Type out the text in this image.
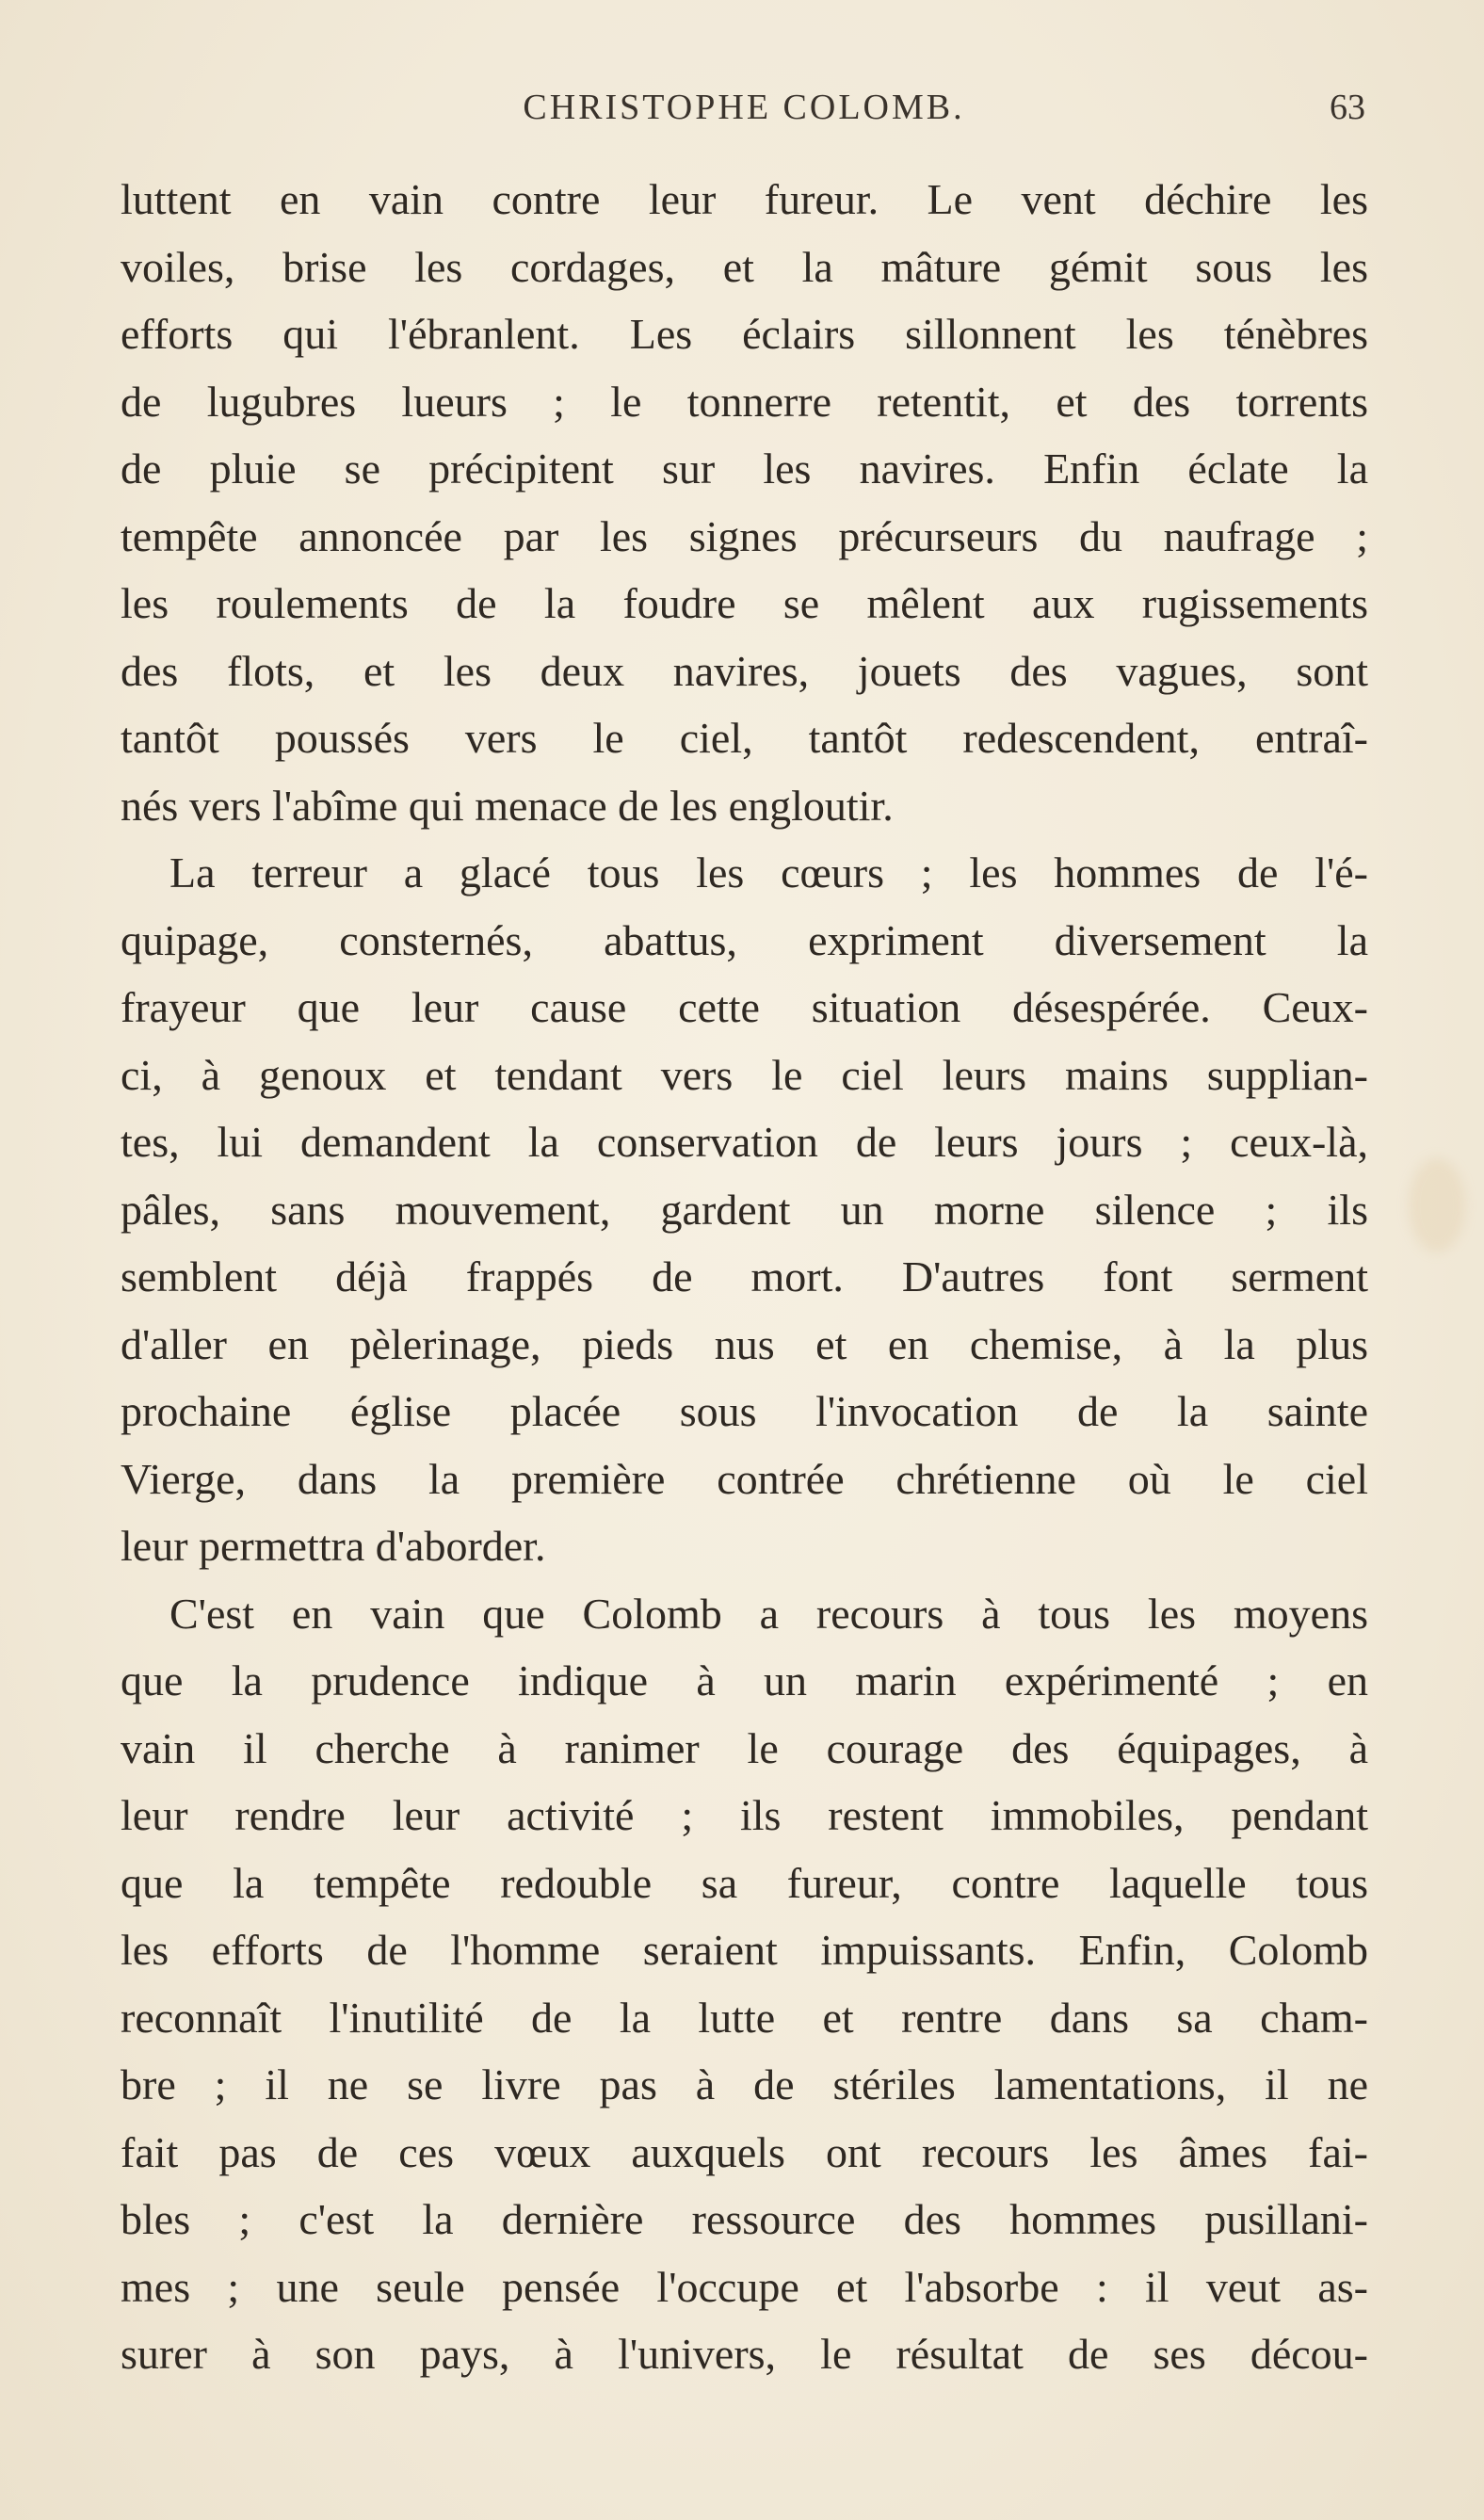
CHRISTOPHE COLOMB.	63
luttent en vain contre leur fureur. Le vent déchire les
voiles, brise les cordages, et la mâture gémit sous les
efforts qui l'ébranlent. Les éclairs sillonnent les ténèbres
de lugubres lueurs ; le tonnerre retentit, et des torrents
de pluie se précipitent sur les navires. Enfin éclate la
tempête annoncée par les signes précurseurs du naufrage ;
les roulements de la foudre se mêlent aux rugissements
des flots, et les deux navires, jouets des vagues, sont
tantôt poussés vers le ciel, tantôt redescendent, entraî-
nés vers l'abîme qui menace de les engloutir.
La terreur a glacé tous les cœurs ; les hommes de l'é-
quipage, consternés, abattus, expriment diversement la
frayeur que leur cause cette situation désespérée. Ceux-
ci, à genoux et tendant vers le ciel leurs mains supplian-
tes, lui demandent la conservation de leurs jours ; ceux-là,
pâles, sans mouvement, gardent un morne silence ; ils
semblent déjà frappés de mort. D'autres font serment
d'aller en pèlerinage, pieds nus et en chemise, à la plus
prochaine église placée sous l'invocation de la sainte
Vierge, dans la première contrée chrétienne où le ciel
leur permettra d'aborder.
C'est en vain que Colomb a recours à tous les moyens
que la prudence indique à un marin expérimenté ; en
vain il cherche à ranimer le courage des équipages, à
leur rendre leur activité ; ils restent immobiles, pendant
que la tempête redouble sa fureur, contre laquelle tous
les efforts de l'homme seraient impuissants. Enfin, Colomb
reconnaît l'inutilité de la lutte et rentre dans sa cham-
bre ; il ne se livre pas à de stériles lamentations, il ne
fait pas de ces vœux auxquels ont recours les âmes fai-
bles ; c'est la dernière ressource des hommes pusillani-
mes ; une seule pensée l'occupe et l'absorbe : il veut as-
surer à son pays, à l'univers, le résultat de ses décou-
